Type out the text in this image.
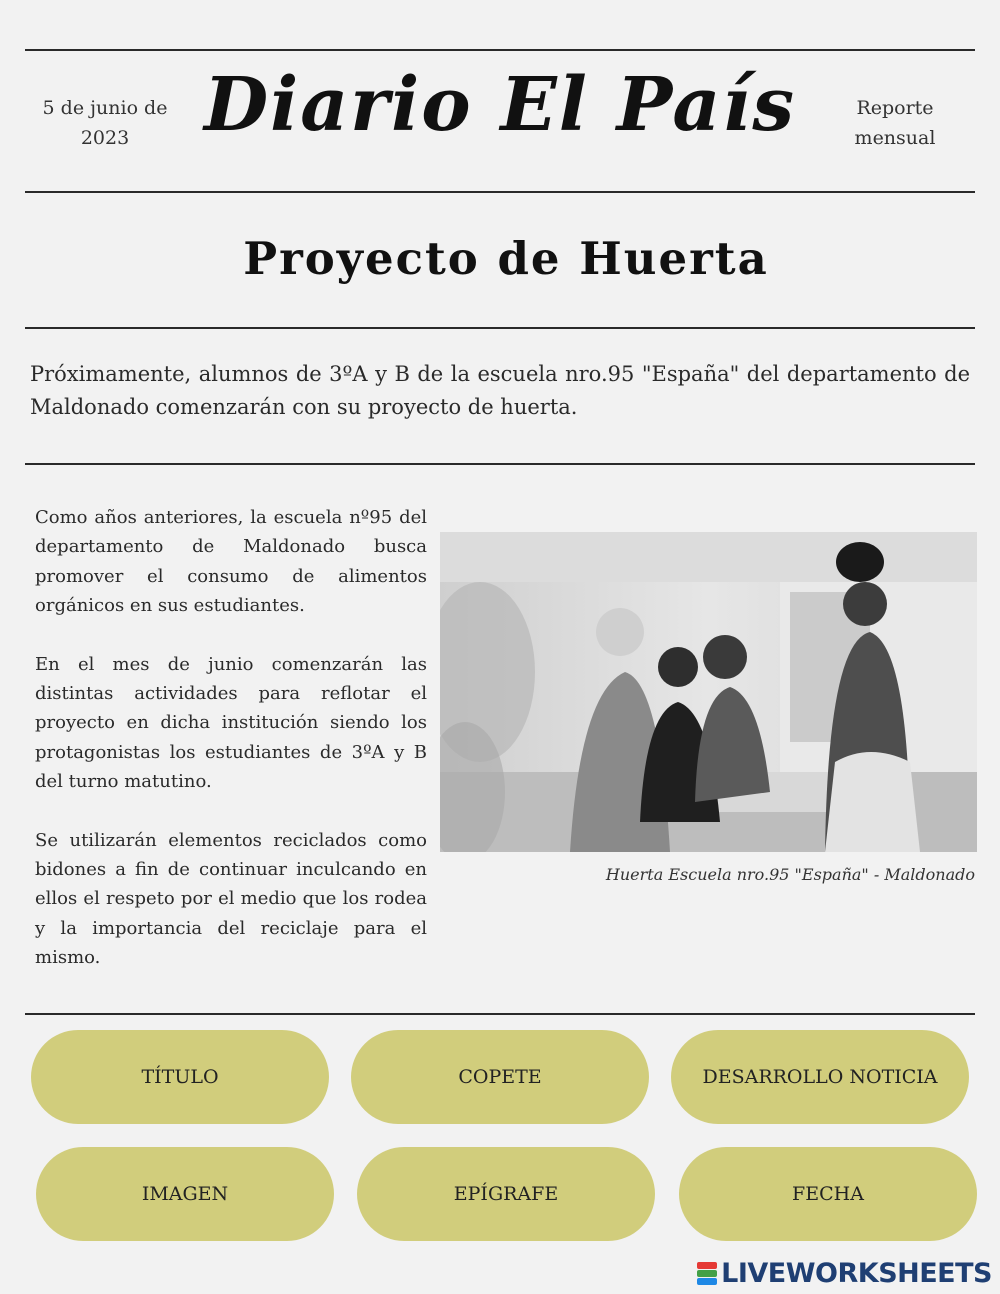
5 de junio de 2023	Diario El País	Reporte mensual
Proyecto de Huerta
Próximamente, alumnos de 3ºA y B de la escuela nro.95 "España" del departamento de Maldonado comenzarán con su proyecto de huerta.

Como años anteriores, la escuela nº95 del departamento de Maldonado busca promover el consumo de alimentos orgánicos en sus estudiantes.

En el mes de junio comenzarán las distintas actividades para reflotar el proyecto en dicha institución siendo los protagonistas los estudiantes de 3ºA y B del turno matutino.

Se utilizarán elementos reciclados como bidones a fin de continuar inculcando en ellos el respeto por el medio que los rodea y la importancia del reciclaje para el mismo.

Huerta Escuela nro.95 "España" - Maldonado
TÍTULO	COPETE	DESARROLLO NOTICIA
IMAGEN	EPÍGRAFE	FECHA
LIVEWORKSHEETS
